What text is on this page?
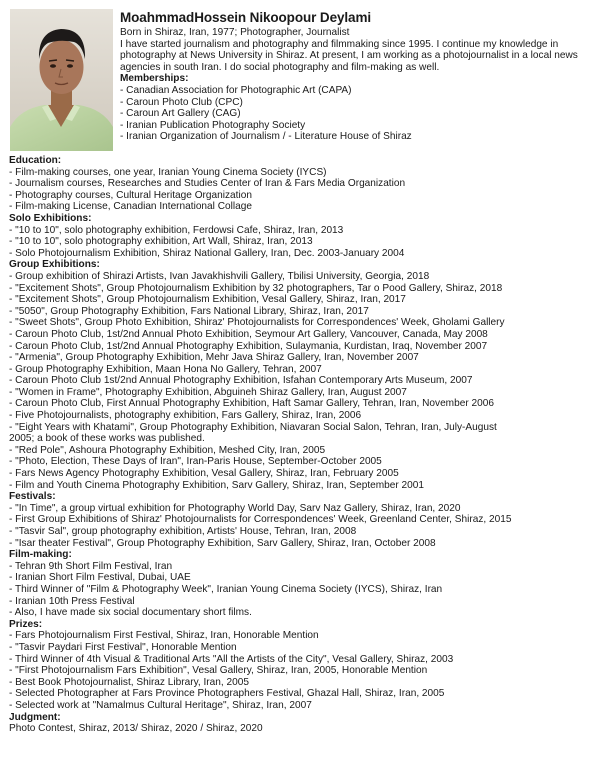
MoahmmadHossein Nikoopour Deylami
Born in Shiraz, Iran, 1977; Photographer, Journalist
I have started journalism and photography and filmmaking since 1995. I continue my knowledge in photography at News University in Shiraz. At present, I am working as a photojournalist in a local news agencies in south Iran. I do social photography and film-making as well.
Memberships:
- Canadian Association for Photographic Art (CAPA)
- Caroun Photo Club (CPC)
- Caroun Art Gallery (CAG)
- Iranian Publication Photography Society
- Iranian Organization of Journalism / - Literature House of Shiraz
Education:
- Film-making courses, one year, Iranian Young Cinema Society (IYCS)
- Journalism courses, Researches and Studies Center of Iran & Fars Media Organization
- Photography courses, Cultural Heritage Organization
- Film-making License, Canadian International Collage
Solo Exhibitions:
- "10 to 10", solo photography exhibition, Ferdowsi Cafe, Shiraz, Iran, 2013
- "10 to 10", solo photography exhibition, Art Wall, Shiraz, Iran, 2013
- Solo Photojournalism Exhibition, Shiraz National Gallery, Iran, Dec. 2003-January 2004
Group Exhibitions:
- Group exhibition of Shirazi Artists, Ivan Javakhishvili Gallery, Tbilisi University, Georgia, 2018
- "Excitement Shots", Group Photojournalism Exhibition by 32 photographers, Tar o Pood Gallery, Shiraz, 2018
- "Excitement Shots", Group Photojournalism Exhibition, Vesal Gallery, Shiraz, Iran, 2017
- "5050", Group Photography Exhibition, Fars National Library, Shiraz, Iran, 2017
- "Sweet Shots", Group Photo Exhibition, Shiraz' Photojournalists for Correspondences' Week, Gholami Gallery
- Caroun Photo Club, 1st/2nd Annual Photo Exhibition, Seymour Art Gallery, Vancouver, Canada, May 2008
- Caroun Photo Club, 1st/2nd Annual Photography Exhibition, Sulaymania, Kurdistan, Iraq, November 2007
- "Armenia", Group Photography Exhibition, Mehr Java Shiraz Gallery, Iran, November 2007
- Group Photography Exhibition, Maan Hona No Gallery, Tehran, 2007
- Caroun Photo Club 1st/2nd Annual Photography Exhibition, Isfahan Contemporary Arts Museum, 2007
- "Women in Frame", Photography Exhibition, Abguineh Shiraz Gallery, Iran, August 2007
- Caroun Photo Club, First Annual Photography Exhibition, Haft Samar Gallery, Tehran, Iran, November 2006
- Five Photojournalists, photography exhibition, Fars Gallery, Shiraz, Iran, 2006
- "Eight Years with Khatami", Group Photography Exhibition, Niavaran Social Salon, Tehran, Iran, July-August
2005; a book of these works was published.
- "Red Pole", Ashoura Photography Exhibition, Meshed City, Iran, 2005
- "Photo, Election, These Days of Iran", Iran-Paris House, September-October 2005
- Fars News Agency Photography Exhibition, Vesal Gallery, Shiraz, Iran, February 2005
- Film and Youth Cinema Photography Exhibition, Sarv Gallery, Shiraz, Iran, September 2001
Festivals:
- "In Time", a group virtual exhibition for Photography World Day, Sarv Naz Gallery, Shiraz, Iran, 2020
- First Group Exhibitions of Shiraz' Photojournalists for Correspondences' Week, Greenland Center, Shiraz, 2015
- "Tasvir Sal", group photography exhibition, Artists' House, Tehran, Iran, 2008
- "Isar theater Festival", Group Photography Exhibition, Sarv Gallery, Shiraz, Iran, October 2008
Film-making:
- Tehran 9th Short Film Festival, Iran
- Iranian Short Film Festival, Dubai, UAE
- Third Winner of "Film & Photography Week", Iranian Young Cinema Society (IYCS), Shiraz, Iran
- Iranian 10th Press Festival
- Also, I have made six social documentary short films.
Prizes:
- Fars Photojournalism First Festival, Shiraz, Iran, Honorable Mention
- "Tasvir Paydari First Festival", Honorable Mention
- Third Winner of 4th Visual & Traditional Arts "All the Artists of the City", Vesal Gallery, Shiraz, 2003
- "First Photojournalism Fars Exhibition", Vesal Gallery, Shiraz, Iran, 2005, Honorable Mention
- Best Book Photojournalist, Shiraz Library, Iran, 2005
- Selected Photographer at Fars Province Photographers Festival, Ghazal Hall, Shiraz, Iran, 2005
- Selected work at "Namalmus Cultural Heritage", Shiraz, Iran, 2007
Judgment:
Photo Contest, Shiraz, 2013/ Shiraz, 2020 / Shiraz, 2020
